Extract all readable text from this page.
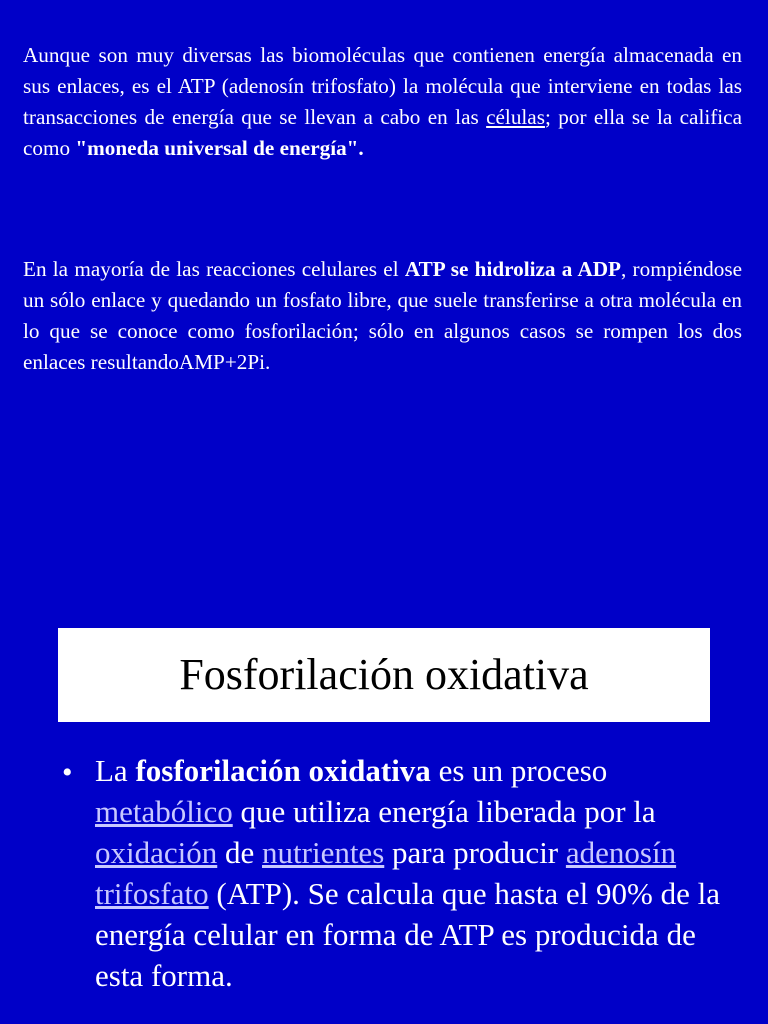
Aunque son muy diversas las biomoléculas que contienen energía almacenada en sus enlaces, es el ATP (adenosín trifosfato) la molécula que interviene en todas las transacciones de energía que se llevan a cabo en las células; por ella se la califica como "moneda universal de energía".

En la mayoría de las reacciones celulares el ATP se hidroliza a ADP, rompiéndose un sólo enlace y quedando un fosfato libre, que suele transferirse a otra molécula en lo que se conoce como fosforilación; sólo en algunos casos se rompen los dos enlaces resultandoAMP+2Pi.

Fosforilación oxidativa
• La fosforilación oxidativa es un proceso metabólico que utiliza energía liberada por la oxidación de nutrientes para producir adenosín trifosfato (ATP). Se calcula que hasta el 90% de la energía celular en forma de ATP es producida de esta forma.
